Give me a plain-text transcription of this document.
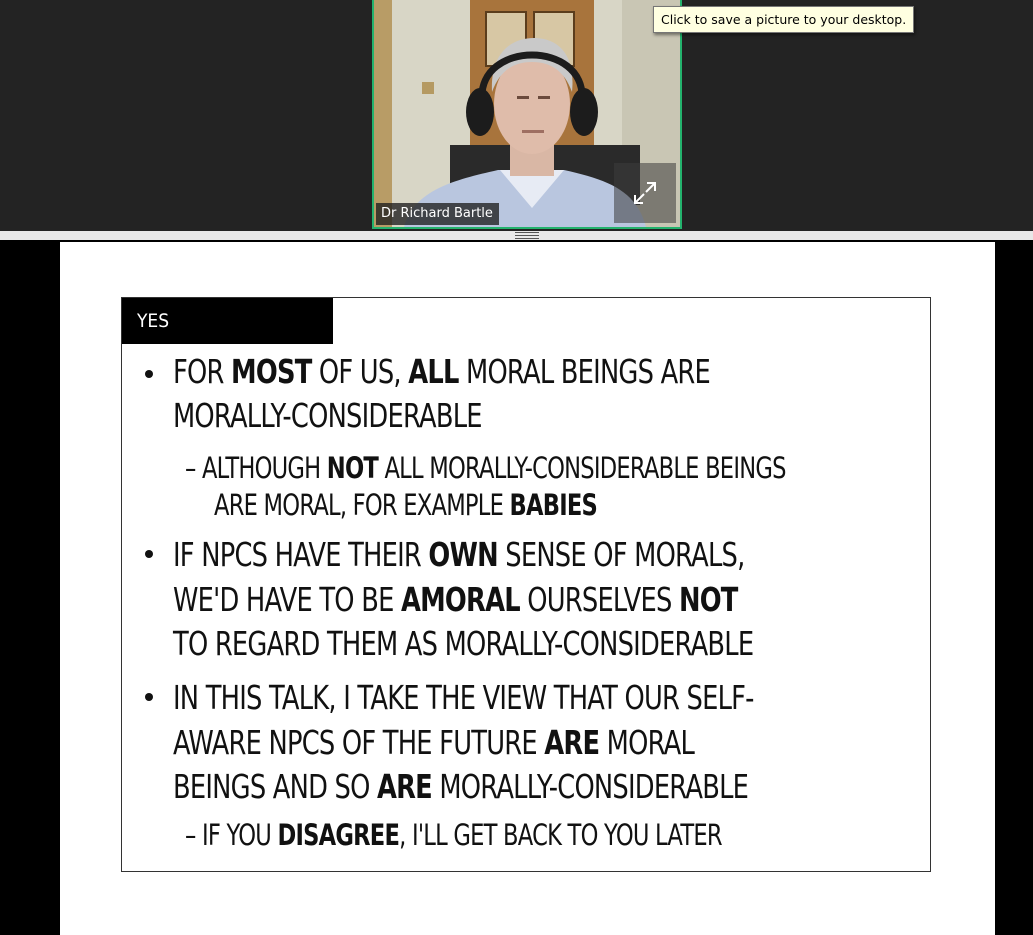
Dr Richard Bartle
Click to save a picture to your desktop.
YES
FOR MOST OF US, ALL MORAL BEINGS ARE
MORALLY-CONSIDERABLE
– ALTHOUGH NOT ALL MORALLY-CONSIDERABLE BEINGS
ARE MORAL, FOR EXAMPLE BABIES
IF NPCS HAVE THEIR OWN SENSE OF MORALS,
WE'D HAVE TO BE AMORAL OURSELVES NOT
TO REGARD THEM AS MORALLY-CONSIDERABLE
IN THIS TALK, I TAKE THE VIEW THAT OUR SELF-
AWARE NPCS OF THE FUTURE ARE MORAL
BEINGS AND SO ARE MORALLY-CONSIDERABLE
– IF YOU DISAGREE, I'LL GET BACK TO YOU LATER
